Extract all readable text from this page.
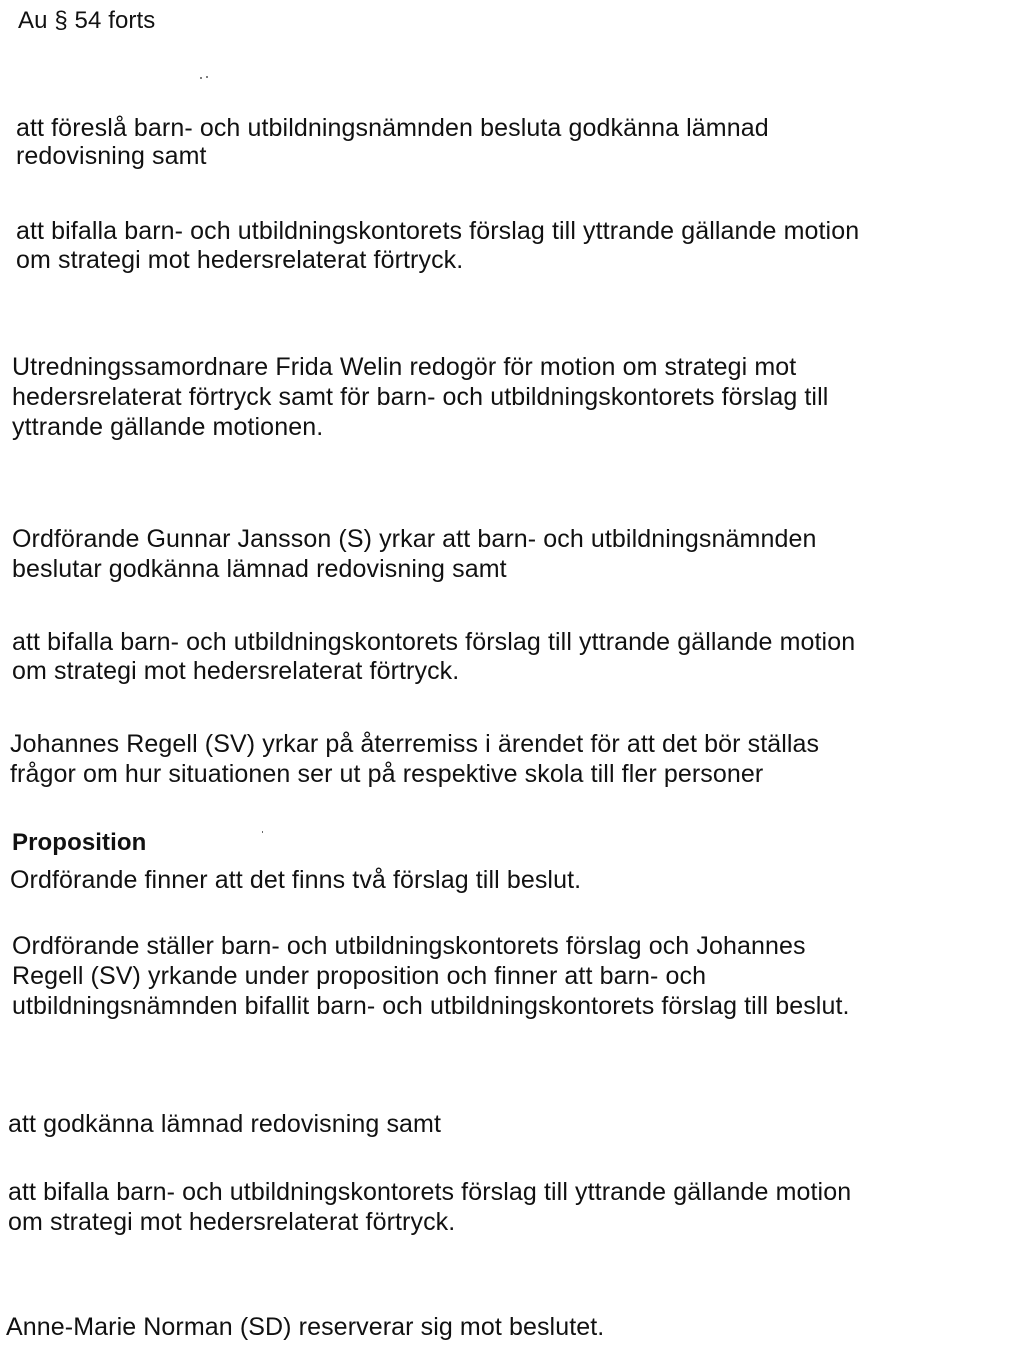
Au § 54 forts
att föreslå barn- och utbildningsnämnden besluta godkänna lämnad
redovisning samt
att bifalla barn- och utbildningskontorets förslag till yttrande gällande motion
om strategi mot hedersrelaterat förtryck.
Utredningssamordnare Frida Welin redogör för motion om strategi mot
hedersrelaterat förtryck samt för barn- och utbildningskontorets förslag till
yttrande gällande motionen.
Ordförande Gunnar Jansson (S) yrkar att barn- och utbildningsnämnden
beslutar godkänna lämnad redovisning samt
att bifalla barn- och utbildningskontorets förslag till yttrande gällande motion
om strategi mot hedersrelaterat förtryck.
Johannes Regell (SV) yrkar på återremiss i ärendet för att det bör ställas
frågor om hur situationen ser ut på respektive skola till fler personer
Proposition
Ordförande finner att det finns två förslag till beslut.
Ordförande ställer barn- och utbildningskontorets förslag och Johannes
Regell (SV) yrkande under proposition och finner att barn- och
utbildningsnämnden bifallit barn- och utbildningskontorets förslag till beslut.
att godkänna lämnad redovisning samt
att bifalla barn- och utbildningskontorets förslag till yttrande gällande motion
om strategi mot hedersrelaterat förtryck.
Anne-Marie Norman (SD) reserverar sig mot beslutet.
